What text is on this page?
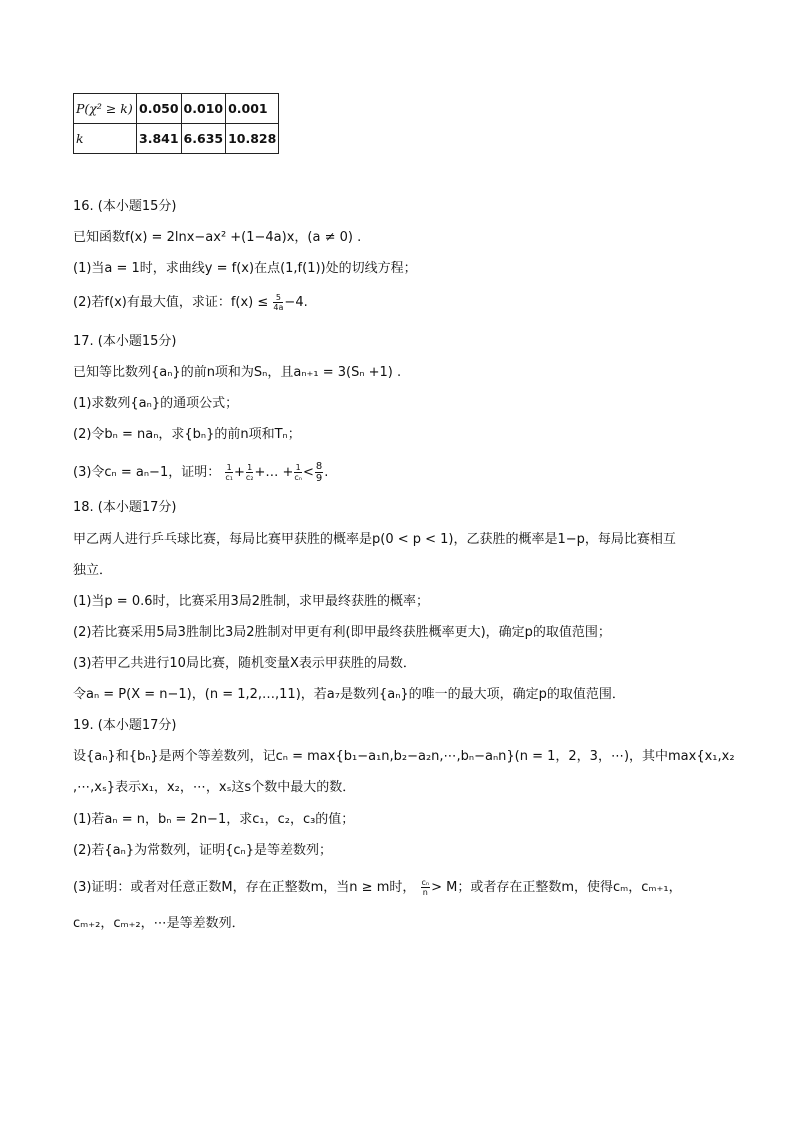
P(χ² ≥ k)	0.050	0.010	0.001
k	3.841	6.635	10.828
16. (本小题15分)
已知函数f(x) = 2lnx−ax² +(1−4a)x，(a ≠ 0) .
(1)当a = 1时，求曲线y = f(x)在点(1,f(1))处的切线方程；
(2)若f(x)有最大值，求证：$f(x) \le \frac{5}{4a} -4$.
17. (本小题15分)
已知等比数列{aₙ}的前n项和为Sₙ，且aₙ₊₁ = 3(Sₙ +1) .
(1)求数列{aₙ}的通项公式；
(2)令bₙ = naₙ，求{bₙ}的前n项和Tₙ；
(3)令cₙ = aₙ−1，证明： $\frac{1}{\text{c₁}} + \frac{1}{\text{c₂}}$ +… + $\frac{1}{\text{cₙ}} < \frac{8}{9}$ .
18. (本小题17分)
甲乙两人进行乒乓球比赛，每局比赛甲获胜的概率是p(0 < p < 1)，乙获胜的概率是1−p，每局比赛相互
独立．
(1)当p = 0.6时，比赛采用3局2胜制，求甲最终获胜的概率；
(2)若比赛采用5局3胜制比3局2胜制对甲更有利(即甲最终获胜概率更大)，确定p的取值范围；
(3)若甲乙共进行10局比赛，随机变量X表示甲获胜的局数．
令aₙ = P(X = n−1)，(n = 1,2,…,11)，若a₇是数列{aₙ}的唯一的最大项，确定p的取值范围．
19. (本小题17分)
设{aₙ}和{bₙ}是两个等差数列，记cₙ = max{b₁−a₁n,b₂−a₂n,⋯,bₙ−aₙn}(n = 1，2，3，⋯)，其中max{x₁,x₂
,⋯,xₛ}表示x₁，x₂，⋯，xₛ这s个数中最大的数．
(1)若aₙ = n，bₙ = 2n−1，求c₁，c₂，c₃的值；
(2)若{aₙ}为常数列，证明{cₙ}是等差数列；
(3)证明：或者对任意正数M，存在正整数m，当n ≥ m时， $\frac{\text{cₙ}}{n} > M$；或者存在正整数m，使得cₘ，cₘ₊₁，
cₘ₊₂，cₘ₊₂，⋯是等差数列．
